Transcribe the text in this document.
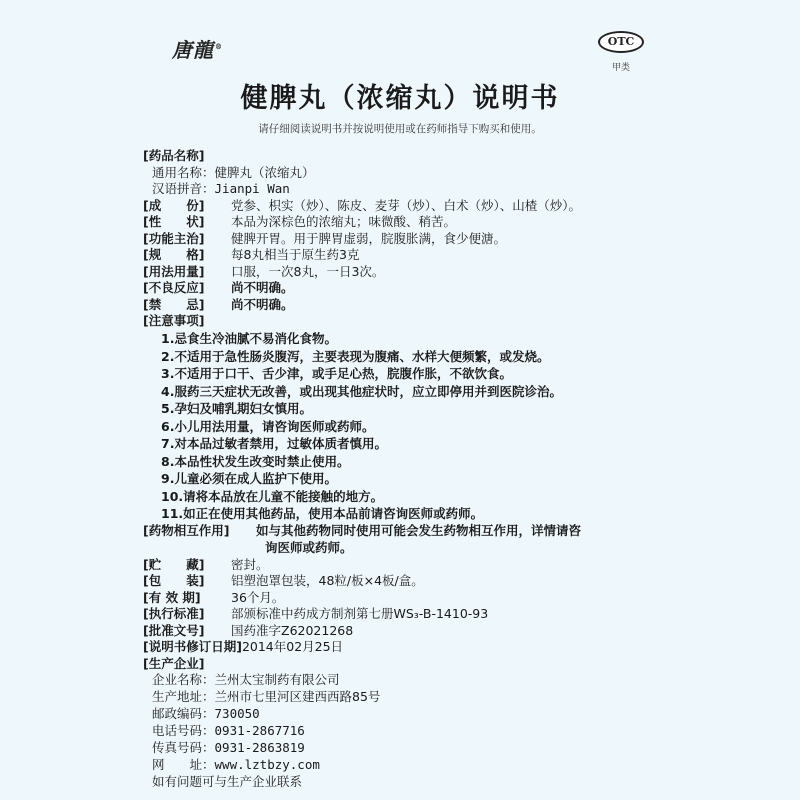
唐龍®	OTC
甲类
健脾丸（浓缩丸）说明书
请仔细阅读说明书并按说明使用或在药师指导下购买和使用。
[药品名称]
通用名称：健脾丸（浓缩丸）
汉语拼音：Jianpi Wan
[成　　份] 党参、枳实（炒）、陈皮、麦芽（炒）、白术（炒）、山楂（炒）。
[性　　状] 本品为深棕色的浓缩丸；味微酸、稍苦。
[功能主治] 健脾开胃。用于脾胃虚弱，脘腹胀满，食少便溏。
[规　　格] 每8丸相当于原生药3克
[用法用量] 口服，一次8丸，一日3次。
[不良反应] 尚不明确。
[禁　　忌] 尚不明确。
[注意事项]
1.忌食生冷油腻不易消化食物。
2.不适用于急性肠炎腹泻，主要表现为腹痛、水样大便频繁，或发烧。
3.不适用于口干、舌少津，或手足心热，脘腹作胀，不欲饮食。
4.服药三天症状无改善，或出现其他症状时，应立即停用并到医院诊治。
5.孕妇及哺乳期妇女慎用。
6.小儿用法用量，请咨询医师或药师。
7.对本品过敏者禁用，过敏体质者慎用。
8.本品性状发生改变时禁止使用。
9.儿童必须在成人监护下使用。
10.请将本品放在儿童不能接触的地方。
11.如正在使用其他药品，使用本品前请咨询医师或药师。
[药物相互作用] 如与其他药物同时使用可能会发生药物相互作用，详情请咨
询医师或药师。
[贮　　藏] 密封。
[包　　装] 铝塑泡罩包装，48粒/板×4板/盒。
[有 效 期] 36个月。
[执行标准] 部颁标准中药成方制剂第七册WS₃-B-1410-93
[批准文号] 国药准字Z62021268
[说明书修订日期]2014年02月25日
[生产企业]
企业名称：兰州太宝制药有限公司
生产地址：兰州市七里河区建西西路85号
邮政编码：730050
电话号码：0931-2867716
传真号码：0931-2863819
网　　址：www.lztbzy.com
如有问题可与生产企业联系
